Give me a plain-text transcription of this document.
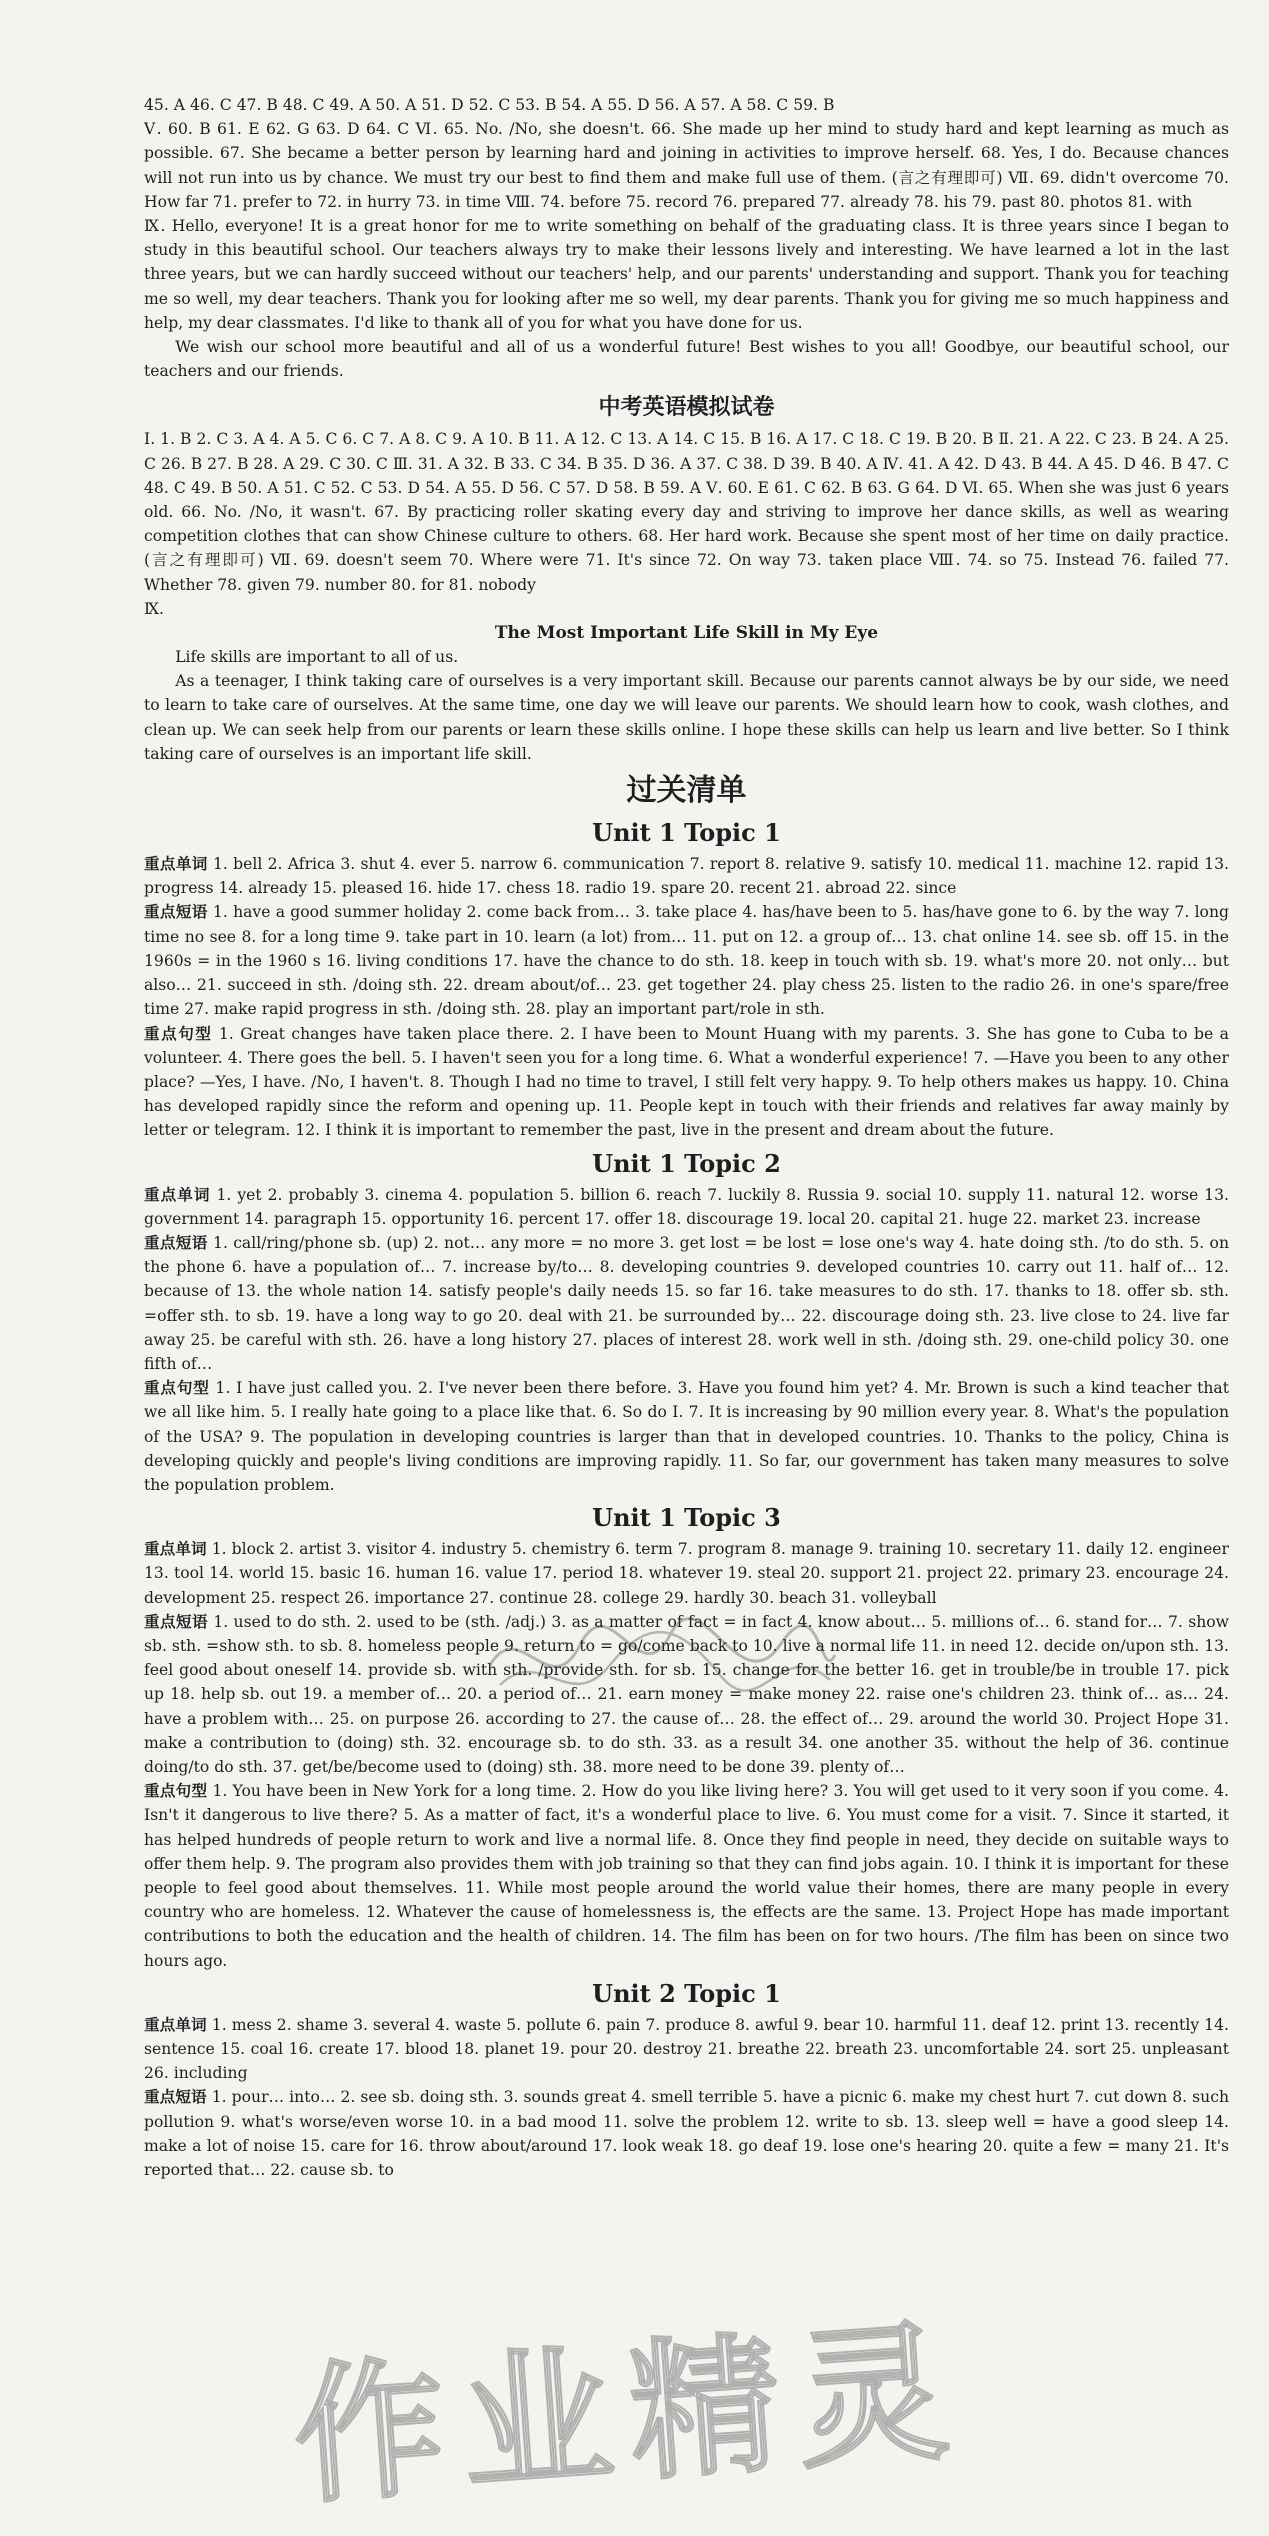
45. A 46. C 47. B 48. C 49. A 50. A 51. D 52. C 53. B 54. A 55. D 56. A 57. A 58. C 59. B

Ⅴ. 60. B 61. E 62. G 63. D 64. C Ⅵ. 65. No. /No, she doesn't. 66. She made up her mind to study hard and kept learning as much as possible. 67. She became a better person by learning hard and joining in activities to improve herself. 68. Yes, I do. Because chances will not run into us by chance. We must try our best to find them and make full use of them. (言之有理即可) Ⅶ. 69. didn't overcome 70. How far 71. prefer to 72. in hurry 73. in time Ⅷ. 74. before 75. record 76. prepared 77. already 78. his 79. past 80. photos 81. with

Ⅸ. Hello, everyone! It is a great honor for me to write something on behalf of the graduating class. It is three years since I began to study in this beautiful school. Our teachers always try to make their lessons lively and interesting. We have learned a lot in the last three years, but we can hardly succeed without our teachers' help, and our parents' understanding and support. Thank you for teaching me so well, my dear teachers. Thank you for looking after me so well, my dear parents. Thank you for giving me so much happiness and help, my dear classmates. I'd like to thank all of you for what you have done for us.

We wish our school more beautiful and all of us a wonderful future! Best wishes to you all! Goodbye, our beautiful school, our teachers and our friends.

中考英语模拟试卷

Ⅰ. 1. B 2. C 3. A 4. A 5. C 6. C 7. A 8. C 9. A 10. B 11. A 12. C 13. A 14. C 15. B 16. A 17. C 18. C 19. B 20. B Ⅱ. 21. A 22. C 23. B 24. A 25. C 26. B 27. B 28. A 29. C 30. C Ⅲ. 31. A 32. B 33. C 34. B 35. D 36. A 37. C 38. D 39. B 40. A Ⅳ. 41. A 42. D 43. B 44. A 45. D 46. B 47. C 48. C 49. B 50. A 51. C 52. C 53. D 54. A 55. D 56. C 57. D 58. B 59. A Ⅴ. 60. E 61. C 62. B 63. G 64. D Ⅵ. 65. When she was just 6 years old. 66. No. /No, it wasn't. 67. By practicing roller skating every day and striving to improve her dance skills, as well as wearing competition clothes that can show Chinese culture to others. 68. Her hard work. Because she spent most of her time on daily practice. (言之有理即可) Ⅶ. 69. doesn't seem 70. Where were 71. It's since 72. On way 73. taken place Ⅷ. 74. so 75. Instead 76. failed 77. Whether 78. given 79. number 80. for 81. nobody

Ⅸ.

The Most Important Life Skill in My Eye

Life skills are important to all of us.

As a teenager, I think taking care of ourselves is a very important skill. Because our parents cannot always be by our side, we need to learn to take care of ourselves. At the same time, one day we will leave our parents. We should learn how to cook, wash clothes, and clean up. We can seek help from our parents or learn these skills online. I hope these skills can help us learn and live better. So I think taking care of ourselves is an important life skill.

过关清单
Unit 1 Topic 1

重点单词 1. bell 2. Africa 3. shut 4. ever 5. narrow 6. communication 7. report 8. relative 9. satisfy 10. medical 11. machine 12. rapid 13. progress 14. already 15. pleased 16. hide 17. chess 18. radio 19. spare 20. recent 21. abroad 22. since

重点短语 1. have a good summer holiday 2. come back from… 3. take place 4. has/have been to 5. has/have gone to 6. by the way 7. long time no see 8. for a long time 9. take part in 10. learn (a lot) from… 11. put on 12. a group of… 13. chat online 14. see sb. off 15. in the 1960s = in the 1960 s 16. living conditions 17. have the chance to do sth. 18. keep in touch with sb. 19. what's more 20. not only… but also… 21. succeed in sth. /doing sth. 22. dream about/of… 23. get together 24. play chess 25. listen to the radio 26. in one's spare/free time 27. make rapid progress in sth. /doing sth. 28. play an important part/role in sth.

重点句型 1. Great changes have taken place there. 2. I have been to Mount Huang with my parents. 3. She has gone to Cuba to be a volunteer. 4. There goes the bell. 5. I haven't seen you for a long time. 6. What a wonderful experience! 7. —Have you been to any other place? —Yes, I have. /No, I haven't. 8. Though I had no time to travel, I still felt very happy. 9. To help others makes us happy. 10. China has developed rapidly since the reform and opening up. 11. People kept in touch with their friends and relatives far away mainly by letter or telegram. 12. I think it is important to remember the past, live in the present and dream about the future.

Unit 1 Topic 2

重点单词 1. yet 2. probably 3. cinema 4. population 5. billion 6. reach 7. luckily 8. Russia 9. social 10. supply 11. natural 12. worse 13. government 14. paragraph 15. opportunity 16. percent 17. offer 18. discourage 19. local 20. capital 21. huge 22. market 23. increase

重点短语 1. call/ring/phone sb. (up) 2. not… any more = no more 3. get lost = be lost = lose one's way 4. hate doing sth. /to do sth. 5. on the phone 6. have a population of… 7. increase by/to… 8. developing countries 9. developed countries 10. carry out 11. half of… 12. because of 13. the whole nation 14. satisfy people's daily needs 15. so far 16. take measures to do sth. 17. thanks to 18. offer sb. sth. =offer sth. to sb. 19. have a long way to go 20. deal with 21. be surrounded by… 22. discourage doing sth. 23. live close to 24. live far away 25. be careful with sth. 26. have a long history 27. places of interest 28. work well in sth. /doing sth. 29. one-child policy 30. one fifth of…

重点句型 1. I have just called you. 2. I've never been there before. 3. Have you found him yet? 4. Mr. Brown is such a kind teacher that we all like him. 5. I really hate going to a place like that. 6. So do I. 7. It is increasing by 90 million every year. 8. What's the population of the USA? 9. The population in developing countries is larger than that in developed countries. 10. Thanks to the policy, China is developing quickly and people's living conditions are improving rapidly. 11. So far, our government has taken many measures to solve the population problem.

Unit 1 Topic 3

重点单词 1. block 2. artist 3. visitor 4. industry 5. chemistry 6. term 7. program 8. manage 9. training 10. secretary 11. daily 12. engineer 13. tool 14. world 15. basic 16. human 16. value 17. period 18. whatever 19. steal 20. support 21. project 22. primary 23. encourage 24. development 25. respect 26. importance 27. continue 28. college 29. hardly 30. beach 31. volleyball

重点短语 1. used to do sth. 2. used to be (sth. /adj.) 3. as a matter of fact = in fact 4. know about… 5. millions of… 6. stand for… 7. show sb. sth. =show sth. to sb. 8. homeless people 9. return to = go/come back to 10. live a normal life 11. in need 12. decide on/upon sth. 13. feel good about oneself 14. provide sb. with sth. /provide sth. for sb. 15. change for the better 16. get in trouble/be in trouble 17. pick up 18. help sb. out 19. a member of… 20. a period of… 21. earn money = make money 22. raise one's children 23. think of… as… 24. have a problem with… 25. on purpose 26. according to 27. the cause of… 28. the effect of… 29. around the world 30. Project Hope 31. make a contribution to (doing) sth. 32. encourage sb. to do sth. 33. as a result 34. one another 35. without the help of 36. continue doing/to do sth. 37. get/be/become used to (doing) sth. 38. more need to be done 39. plenty of…

重点句型 1. You have been in New York for a long time. 2. How do you like living here? 3. You will get used to it very soon if you come. 4. Isn't it dangerous to live there? 5. As a matter of fact, it's a wonderful place to live. 6. You must come for a visit. 7. Since it started, it has helped hundreds of people return to work and live a normal life. 8. Once they find people in need, they decide on suitable ways to offer them help. 9. The program also provides them with job training so that they can find jobs again. 10. I think it is important for these people to feel good about themselves. 11. While most people around the world value their homes, there are many people in every country who are homeless. 12. Whatever the cause of homelessness is, the effects are the same. 13. Project Hope has made important contributions to both the education and the health of children. 14. The film has been on for two hours. /The film has been on since two hours ago.

Unit 2 Topic 1

重点单词 1. mess 2. shame 3. several 4. waste 5. pollute 6. pain 7. produce 8. awful 9. bear 10. harmful 11. deaf 12. print 13. recently 14. sentence 15. coal 16. create 17. blood 18. planet 19. pour 20. destroy 21. breathe 22. breath 23. uncomfortable 24. sort 25. unpleasant 26. including

重点短语 1. pour… into… 2. see sb. doing sth. 3. sounds great 4. smell terrible 5. have a picnic 6. make my chest hurt 7. cut down 8. such pollution 9. what's worse/even worse 10. in a bad mood 11. solve the problem 12. write to sb. 13. sleep well = have a good sleep 14. make a lot of noise 15. care for 16. throw about/around 17. look weak 18. go deaf 19. lose one's hearing 20. quite a few = many 21. It's reported that… 22. cause sb. to

作业精灵
